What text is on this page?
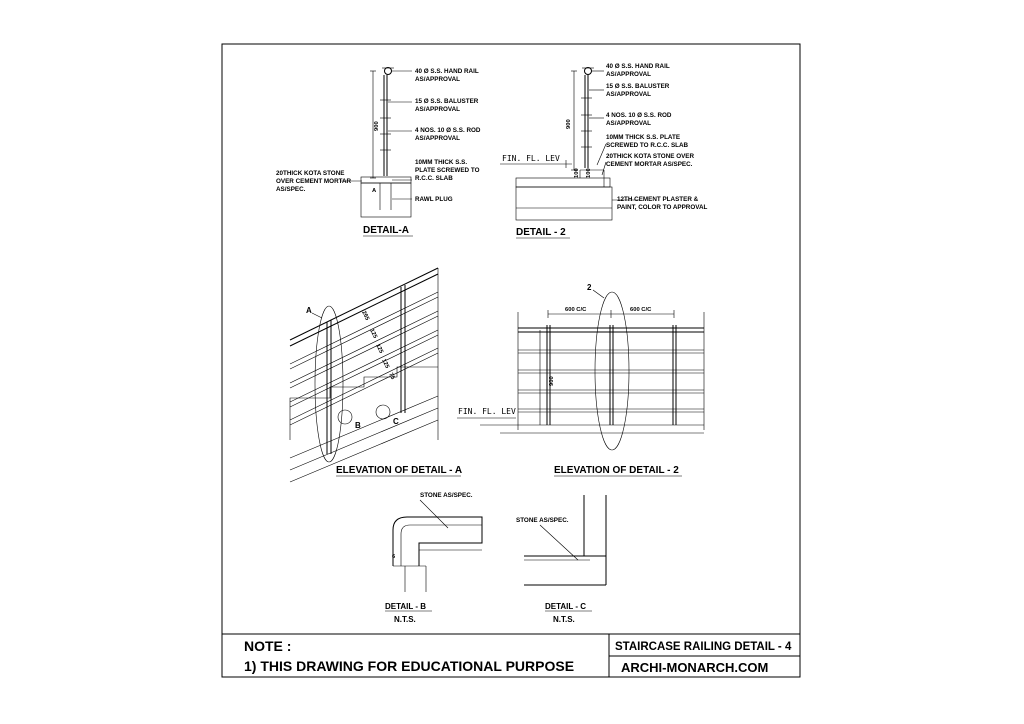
900
A
40 Ø S.S. HAND RAIL
AS/APPROVAL
15 Ø S.S. BALUSTER
AS/APPROVAL
4 NOS. 10 Ø S.S. ROD
AS/APPROVAL
10MM THICK S.S.
PLATE SCREWED TO
R.C.C. SLAB
RAWL PLUG
20THICK KOTA STONE
OVER CEMENT MORTAR
AS/SPEC.
DETAIL-A
900
100 100
FIN. FL. LEV
40 Ø S.S. HAND RAIL
AS/APPROVAL
15 Ø S.S. BALUSTER
AS/APPROVAL
4 NOS. 10 Ø S.S. ROD
AS/APPROVAL
10MM THICK S.S. PLATE
SCREWED TO R.C.C. SLAB
20THICK KOTA STONE OVER
CEMENT MORTAR AS/SPEC.
12TH CEMENT PLASTER &
PAINT, COLOR TO APPROVAL
DETAIL - 2
A
B	C
265
125
125
125
75
ELEVATION OF DETAIL - A
600 C/C	600 C/C
900
2
FIN. FL. LEV
ELEVATION OF DETAIL - 2
STONE AS/SPEC.
6
DETAIL - B
N.T.S.
STONE AS/SPEC.
DETAIL - C
N.T.S.
NOTE :
1) THIS DRAWING FOR EDUCATIONAL PURPOSE
STAIRCASE RAILING DETAIL - 4
ARCHI-MONARCH.COM
